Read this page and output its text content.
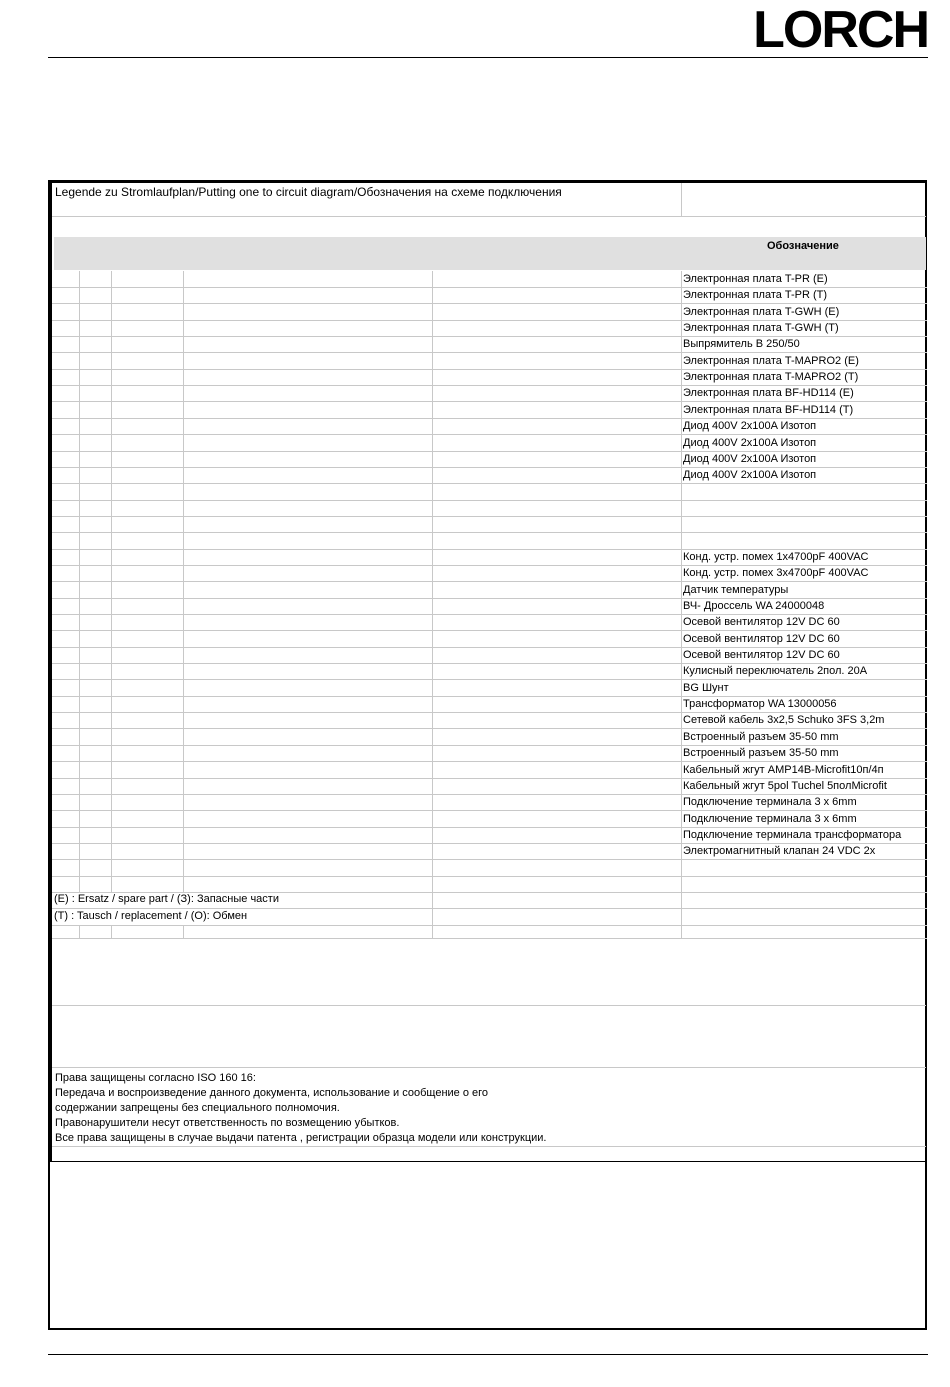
LORCH
Legende zu Stromlaufplan/Putting one to circuit diagram/Обозначения на схеме подключения
Обозначение
Электронная плата T-PR (E)
Электронная плата T-PR (T)
Электронная плата T-GWH (E)
Электронная плата T-GWH (T)
Выпрямитель B 250/50
Электронная плата T-MAPRO2 (E)
Электронная плата T-MAPRO2 (T)
Электронная плата BF-HD114 (E)
Электронная плата BF-HD114 (T)
Диод 400V 2x100A Изотоп
Диод 400V 2x100A Изотоп
Диод 400V 2x100A Изотоп
Диод 400V 2x100A Изотоп
Конд. устр. помех 1x4700pF 400VAC
Конд. устр. помех 3x4700pF 400VAC
Датчик температуры
ВЧ- Дроссель WA 24000048
Осевой вентилятор 12V DC 60
Осевой вентилятор 12V DC 60
Осевой вентилятор 12V DC 60
Кулисный переключатель 2пол. 20A
BG Шунт
Трансформатор WA 13000056
Сетевой кабель 3x2,5 Schuko 3FS 3,2m
Встроенный разъем 35-50 mm
Встроенный разъем 35-50 mm
Кабельный жгут AMP14B-Microfit10п/4п
Кабельный жгут 5pol Tuchel 5полMicrofit
Подключение терминала 3 x 6mm
Подключение терминала 3 x 6mm
Подключение терминала трансформатора
Электромагнитный клапан 24 VDC 2x
(E) : Ersatz / spare part / (З): Запасные части
(T) : Tausch / replacement / (O): Обмен
Права защищены согласно ISO 160 16:
Передача и воспроизведение данного документа, использование и сообщение о его
содержании запрещены без специального полномочия.
Правонарушители несут ответственность по возмещению убытков.
Все права защищены в случае выдачи патента , регистрации образца модели или конструкции.
